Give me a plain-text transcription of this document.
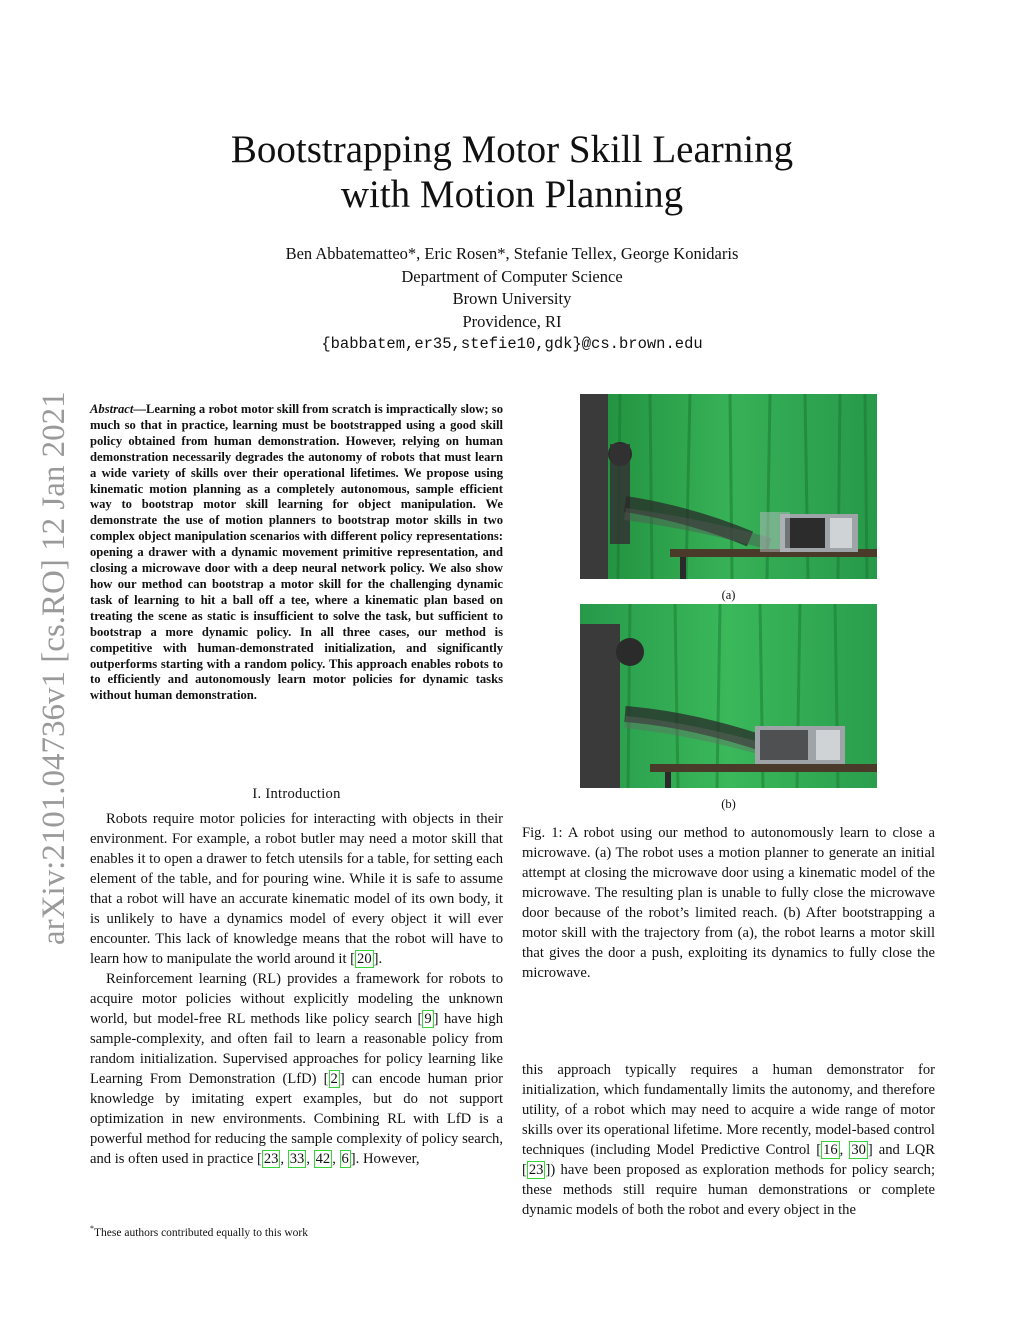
arXiv:2101.04736v1 [cs.RO] 12 Jan 2021
Bootstrapping Motor Skill Learning
with Motion Planning
Ben Abbatematteo*, Eric Rosen*, Stefanie Tellex, George Konidaris
Department of Computer Science
Brown University
Providence, RI
{babbatem,er35,stefie10,gdk}@cs.brown.edu
Abstract—Learning a robot motor skill from scratch is impractically slow; so much so that in practice, learning must be bootstrapped using a good skill policy obtained from human demonstration. However, relying on human demonstration necessarily degrades the autonomy of robots that must learn a wide variety of skills over their operational lifetimes. We propose using kinematic motion planning as a completely autonomous, sample efficient way to bootstrap motor skill learning for object manipulation. We demonstrate the use of motion planners to bootstrap motor skills in two complex object manipulation scenarios with different policy representations: opening a drawer with a dynamic movement primitive representation, and closing a microwave door with a deep neural network policy. We also show how our method can bootstrap a motor skill for the challenging dynamic task of learning to hit a ball off a tee, where a kinematic plan based on treating the scene as static is insufficient to solve the task, but sufficient to bootstrap a more dynamic policy. In all three cases, our method is competitive with human-demonstrated initialization, and significantly outperforms starting with a random policy. This approach enables robots to to efficiently and autonomously learn motor policies for dynamic tasks without human demonstration.
I. Introduction

Robots require motor policies for interacting with objects in their environment. For example, a robot butler may need a motor skill that enables it to open a drawer to fetch utensils for a table, for setting each element of the table, and for pouring wine. While it is safe to assume that a robot will have an accurate kinematic model of its own body, it is unlikely to have a dynamics model of every object it will ever encounter. This lack of knowledge means that the robot will have to learn how to manipulate the world around it [ 20 ].

Reinforcement learning (RL) provides a framework for robots to acquire motor policies without explicitly modeling the unknown world, but model-free RL methods like policy search [ 9 ] have high sample-complexity, and often fail to learn a reasonable policy from random initialization. Supervised approaches for policy learning like Learning From Demonstration (LfD) [ 2 ] can encode human prior knowledge by imitating expert examples, but do not support optimization in new environments. Combining RL with LfD is a powerful method for reducing the sample complexity of policy search, and is often used in practice [ 23 , 33 , 42 , 6 ]. However,

*These authors contributed equally to this work
(a)
(b)
Fig. 1: A robot using our method to autonomously learn to close a microwave. (a) The robot uses a motion planner to generate an initial attempt at closing the microwave door using a kinematic model of the microwave. The resulting plan is unable to fully close the microwave door because of the robot’s limited reach. (b) After bootstrapping a motor skill with the trajectory from (a), the robot learns a motor skill that gives the door a push, exploiting its dynamics to fully close the microwave.

this approach typically requires a human demonstrator for initialization, which fundamentally limits the autonomy, and therefore utility, of a robot which may need to acquire a wide range of motor skills over its operational lifetime. More recently, model-based control techniques (including Model Predictive Control [ 16 , 30 ] and LQR [ 23 ]) have been proposed as exploration methods for policy search; these methods still require human demonstrations or complete dynamic models of both the robot and every object in the
